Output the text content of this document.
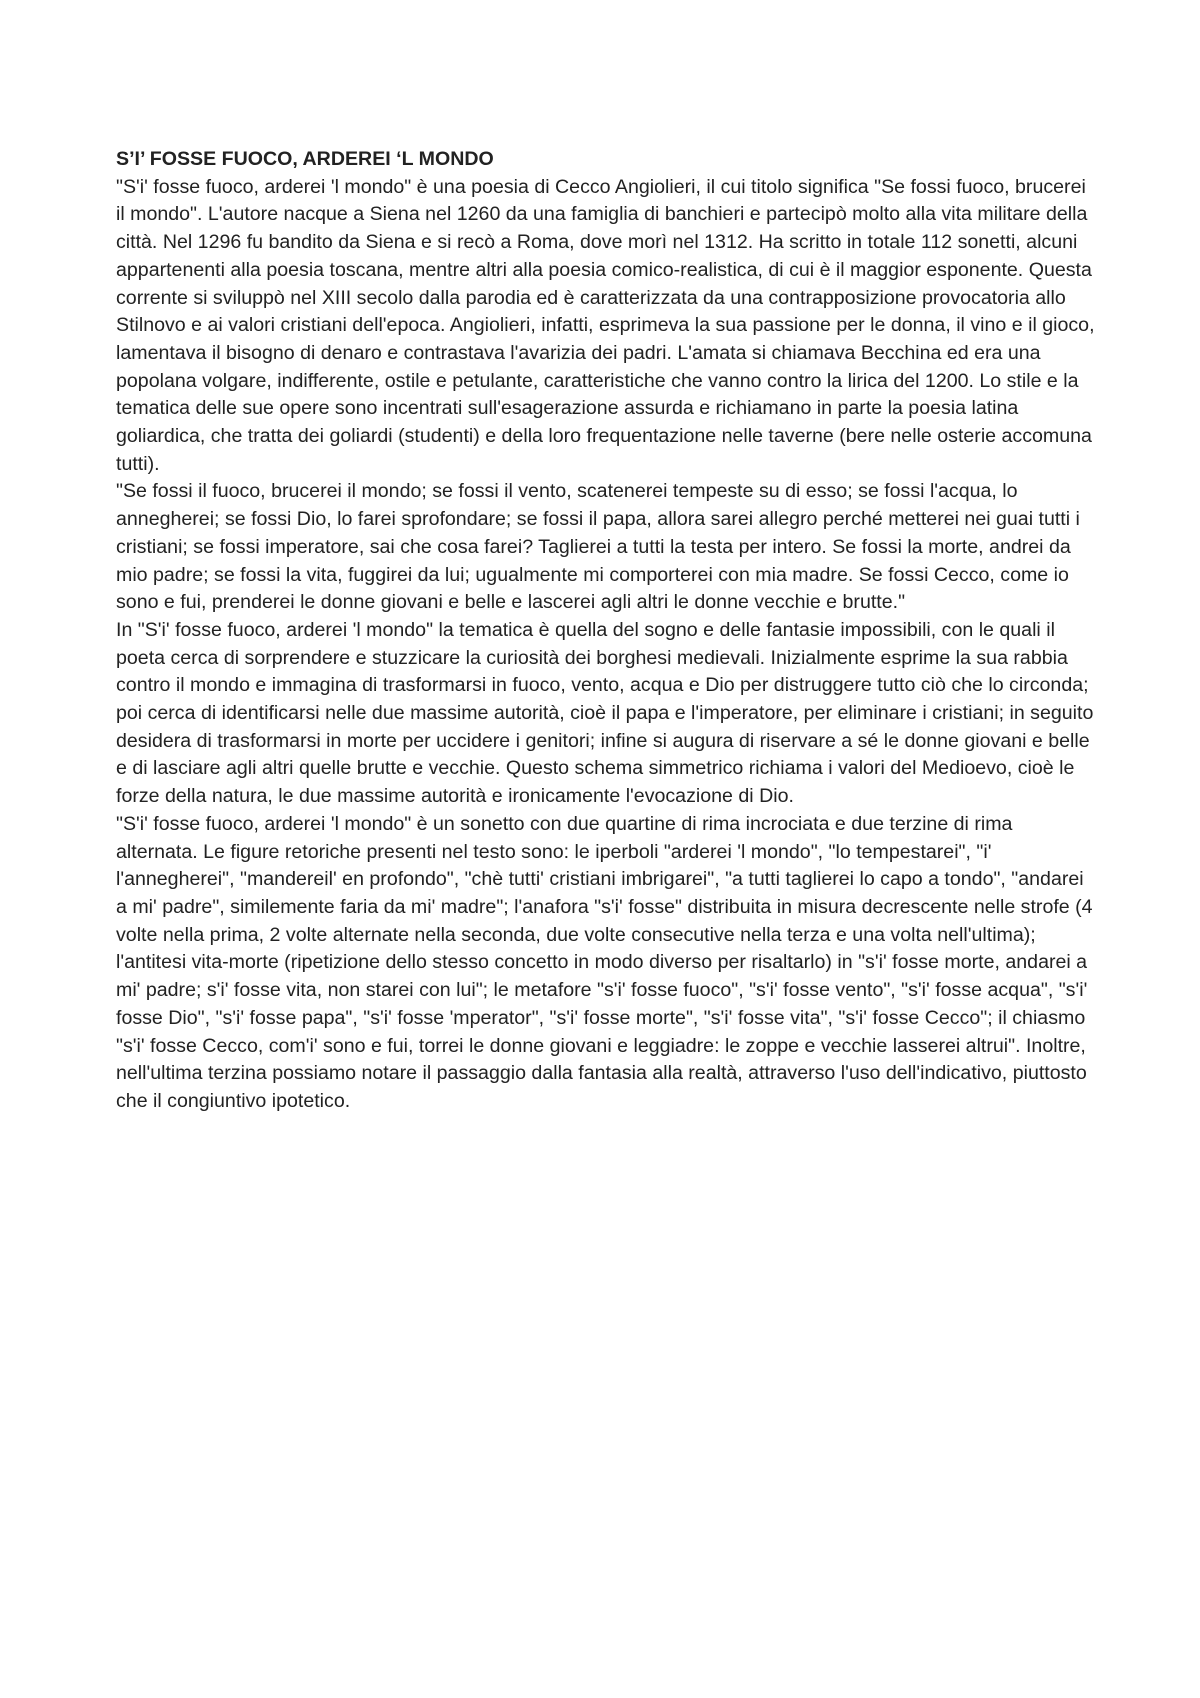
S’I’ FOSSE FUOCO, ARDEREI ‘L MONDO

"S'i' fosse fuoco, arderei 'l mondo" è una poesia di Cecco Angiolieri, il cui titolo significa "Se fossi fuoco, brucerei il mondo". L'autore nacque a Siena nel 1260 da una famiglia di banchieri e partecipò molto alla vita militare della città. Nel 1296 fu bandito da Siena e si recò a Roma, dove morì nel 1312. Ha scritto in totale 112 sonetti, alcuni appartenenti alla poesia toscana, mentre altri alla poesia comico-realistica, di cui è il maggior esponente. Questa corrente si sviluppò nel XIII secolo dalla parodia ed è caratterizzata da una contrapposizione provocatoria allo Stilnovo e ai valori cristiani dell'epoca. Angiolieri, infatti, esprimeva la sua passione per le donna, il vino e il gioco, lamentava il bisogno di denaro e contrastava l'avarizia dei padri. L'amata si chiamava Becchina ed era una popolana volgare, indifferente, ostile e petulante, caratteristiche che vanno contro la lirica del 1200. Lo stile e la tematica delle sue opere sono incentrati sull'esagerazione assurda e richiamano in parte la poesia latina goliardica, che tratta dei goliardi (studenti) e della loro frequentazione nelle taverne (bere nelle osterie accomuna tutti).

"Se fossi il fuoco, brucerei il mondo; se fossi il vento, scatenerei tempeste su di esso; se fossi l'acqua, lo annegherei; se fossi Dio, lo farei sprofondare; se fossi il papa, allora sarei allegro perché metterei nei guai tutti i cristiani; se fossi imperatore, sai che cosa farei? Taglierei a tutti la testa per intero. Se fossi la morte, andrei da mio padre; se fossi la vita, fuggirei da lui; ugualmente mi comporterei con mia madre. Se fossi Cecco, come io sono e fui, prenderei le donne giovani e belle e lascerei agli altri le donne vecchie e brutte."

In "S'i' fosse fuoco, arderei 'l mondo" la tematica è quella del sogno e delle fantasie impossibili, con le quali il poeta cerca di sorprendere e stuzzicare la curiosità dei borghesi medievali. Inizialmente esprime la sua rabbia contro il mondo e immagina di trasformarsi in fuoco, vento, acqua e Dio per distruggere tutto ciò che lo circonda; poi cerca di identificarsi nelle due massime autorità, cioè il papa e l'imperatore, per eliminare i cristiani; in seguito desidera di trasformarsi in morte per uccidere i genitori; infine si augura di riservare a sé le donne giovani e belle e di lasciare agli altri quelle brutte e vecchie. Questo schema simmetrico richiama i valori del Medioevo, cioè le forze della natura, le due massime autorità e ironicamente l'evocazione di Dio.

"S'i' fosse fuoco, arderei 'l mondo" è un sonetto con due quartine di rima incrociata e due terzine di rima alternata. Le figure retoriche presenti nel testo sono: le iperboli "arderei 'l mondo", "lo tempestarei", "i' l'annegherei", "mandereil' en profondo", "chè tutti' cristiani imbrigarei", "a tutti taglierei lo capo a tondo", "andarei a mi' padre", similemente faria da mi' madre"; l'anafora "s'i' fosse" distribuita in misura decrescente nelle strofe (4 volte nella prima, 2 volte alternate nella seconda, due volte consecutive nella terza e una volta nell'ultima); l'antitesi vita-morte (ripetizione dello stesso concetto in modo diverso per risaltarlo) in "s'i' fosse morte, andarei a mi' padre; s'i' fosse vita, non starei con lui"; le metafore "s'i' fosse fuoco", "s'i' fosse vento", "s'i' fosse acqua", "s'i' fosse Dio", "s'i' fosse papa", "s'i' fosse 'mperator", "s'i' fosse morte", "s'i' fosse vita", "s'i' fosse Cecco"; il chiasmo "s'i' fosse Cecco, com'i' sono e fui, torrei le donne giovani e leggiadre: le zoppe e vecchie lasserei altrui". Inoltre, nell'ultima terzina possiamo notare il passaggio dalla fantasia alla realtà, attraverso l'uso dell'indicativo, piuttosto che il congiuntivo ipotetico.
